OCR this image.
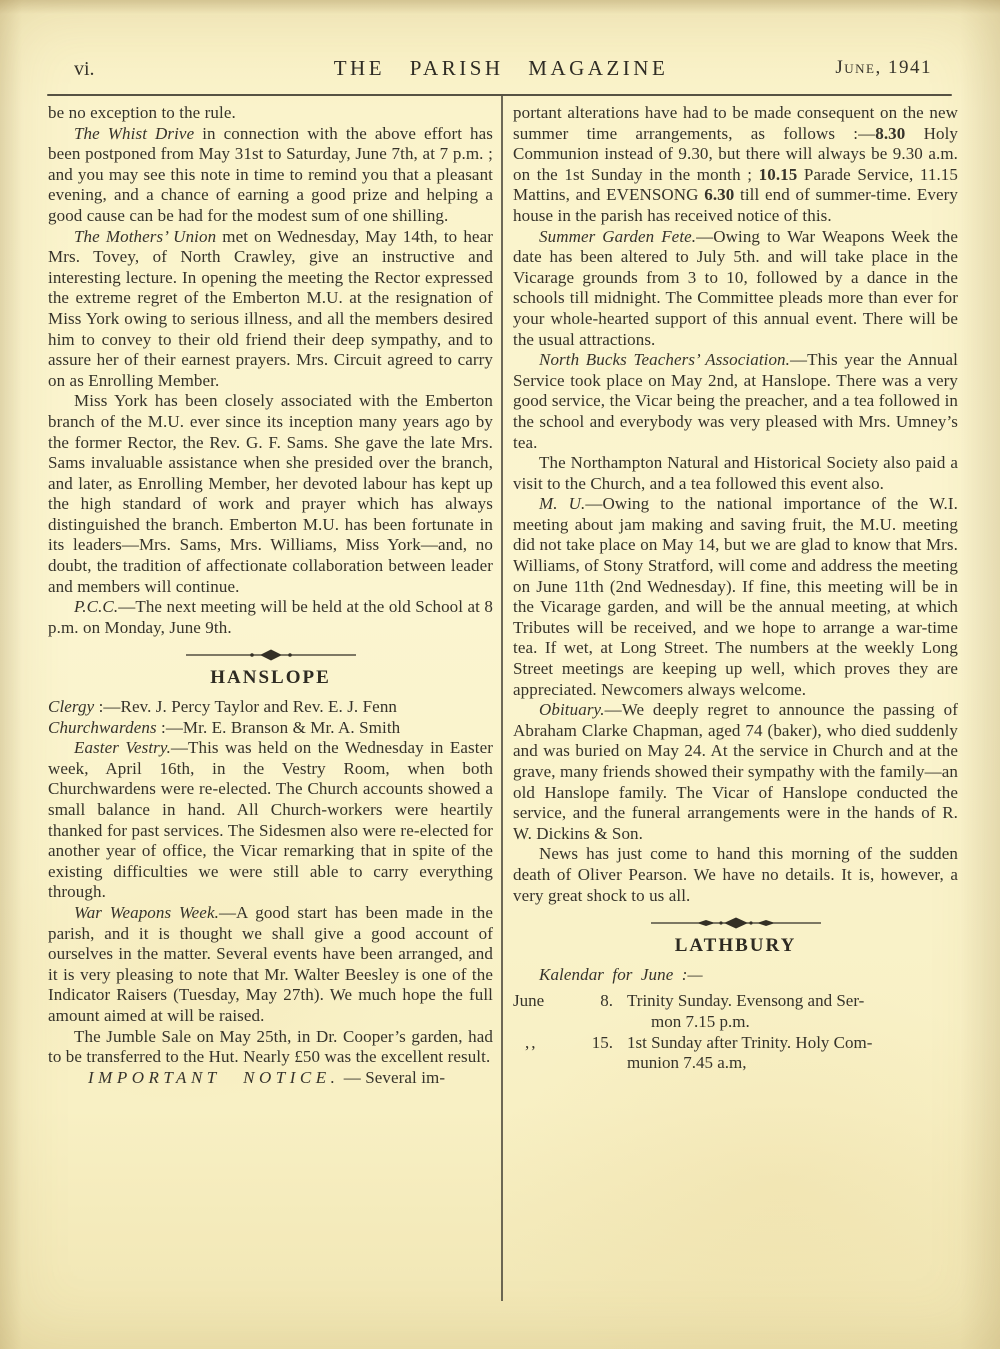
vi.	THE PARISH MAGAZINE	June, 1941

be no exception to the rule.

The Whist Drive in connection with the above effort has been postponed from May 31st to Saturday, June 7th, at 7 p.m. ; and you may see this note in time to remind you that a pleasant evening, and a chance of earning a good prize and helping a good cause can be had for the modest sum of one shilling.

The Mothers’ Union met on Wednesday, May 14th, to hear Mrs. Tovey, of North Crawley, give an instructive and interesting lecture. In opening the meeting the Rector expressed the extreme regret of the Emberton M.U. at the resignation of Miss York owing to serious illness, and all the members desired him to convey to their old friend their deep sympathy, and to assure her of their earnest prayers. Mrs. Circuit agreed to carry on as Enrolling Member.

Miss York has been closely associated with the Emberton branch of the M.U. ever since its inception many years ago by the former Rector, the Rev. G. F. Sams. She gave the late Mrs. Sams invaluable assistance when she presided over the branch, and later, as Enrolling Member, her devoted labour has kept up the high standard of work and prayer which has always distinguished the branch. Emberton M.U. has been fortunate in its leaders—Mrs. Sams, Mrs. Williams, Miss York—and, no doubt, the tradition of affectionate collaboration between leader and members will continue.

P.C.C.—The next meeting will be held at the old School at 8 p.m. on Monday, June 9th.

HANSLOPE

Clergy :—Rev. J. Percy Taylor and Rev. E. J. Fenn

Churchwardens :—Mr. E. Branson & Mr. A. Smith

Easter Vestry.—This was held on the Wednesday in Easter week, April 16th, in the Vestry Room, when both Churchwardens were re-elected. The Church accounts showed a small balance in hand. All Church-workers were heartily thanked for past services. The Sidesmen also were re-elected for another year of office, the Vicar remarking that in spite of the existing difficulties we were still able to carry everything through.

War Weapons Week.—A good start has been made in the parish, and it is thought we shall give a good account of ourselves in the matter. Several events have been arranged, and it is very pleasing to note that Mr. Walter Beesley is one of the Indicator Raisers (Tuesday, May 27th). We much hope the full amount aimed at will be raised.

The Jumble Sale on May 25th, in Dr. Cooper’s garden, had to be transferred to the Hut. Nearly £50 was the excellent result.

IMPORTANT NOTICE. — Several im-

portant alterations have had to be made consequent on the new summer time arrangements, as follows :—8.30 Holy Communion instead of 9.30, but there will always be 9.30 a.m. on the 1st Sunday in the month ; 10.15 Parade Service, 11.15 Mattins, and EVENSONG 6.30 till end of summer-time. Every house in the parish has received notice of this.

Summer Garden Fete.—Owing to War Weapons Week the date has been altered to July 5th. and will take place in the Vicarage grounds from 3 to 10, followed by a dance in the schools till midnight. The Committee pleads more than ever for your whole-hearted support of this annual event. There will be the usual attractions.

North Bucks Teachers’ Association.—This year the Annual Service took place on May 2nd, at Hanslope. There was a very good service, the Vicar being the preacher, and a tea followed in the school and everybody was very pleased with Mrs. Umney’s tea.

The Northampton Natural and Historical Society also paid a visit to the Church, and a tea followed this event also.

M. U.—Owing to the national importance of the W.I. meeting about jam making and saving fruit, the M.U. meeting did not take place on May 14, but we are glad to know that Mrs. Williams, of Stony Stratford, will come and address the meeting on June 11th (2nd Wednesday). If fine, this meeting will be in the Vicarage garden, and will be the annual meeting, at which Tributes will be received, and we hope to arrange a war-time tea. If wet, at Long Street. The numbers at the weekly Long Street meetings are keeping up well, which proves they are appreciated. Newcomers always welcome.

Obituary.—We deeply regret to announce the passing of Abraham Clarke Chapman, aged 74 (baker), who died suddenly and was buried on May 24. At the service in Church and at the grave, many friends showed their sympathy with the family—an old Hanslope family. The Vicar of Hanslope conducted the service, and the funeral arrangements were in the hands of R. W. Dickins & Son.

News has just come to hand this morning of the sudden death of Oliver Pearson. We have no details. It is, however, a very great shock to us all.

LATHBURY

Kalendar for June :—

June	8. Trinity Sunday. Evensong and Ser-
mon 7.15 p.m.
,,	15. 1st Sunday after Trinity. Holy Com-
munion 7.45 a.m,
